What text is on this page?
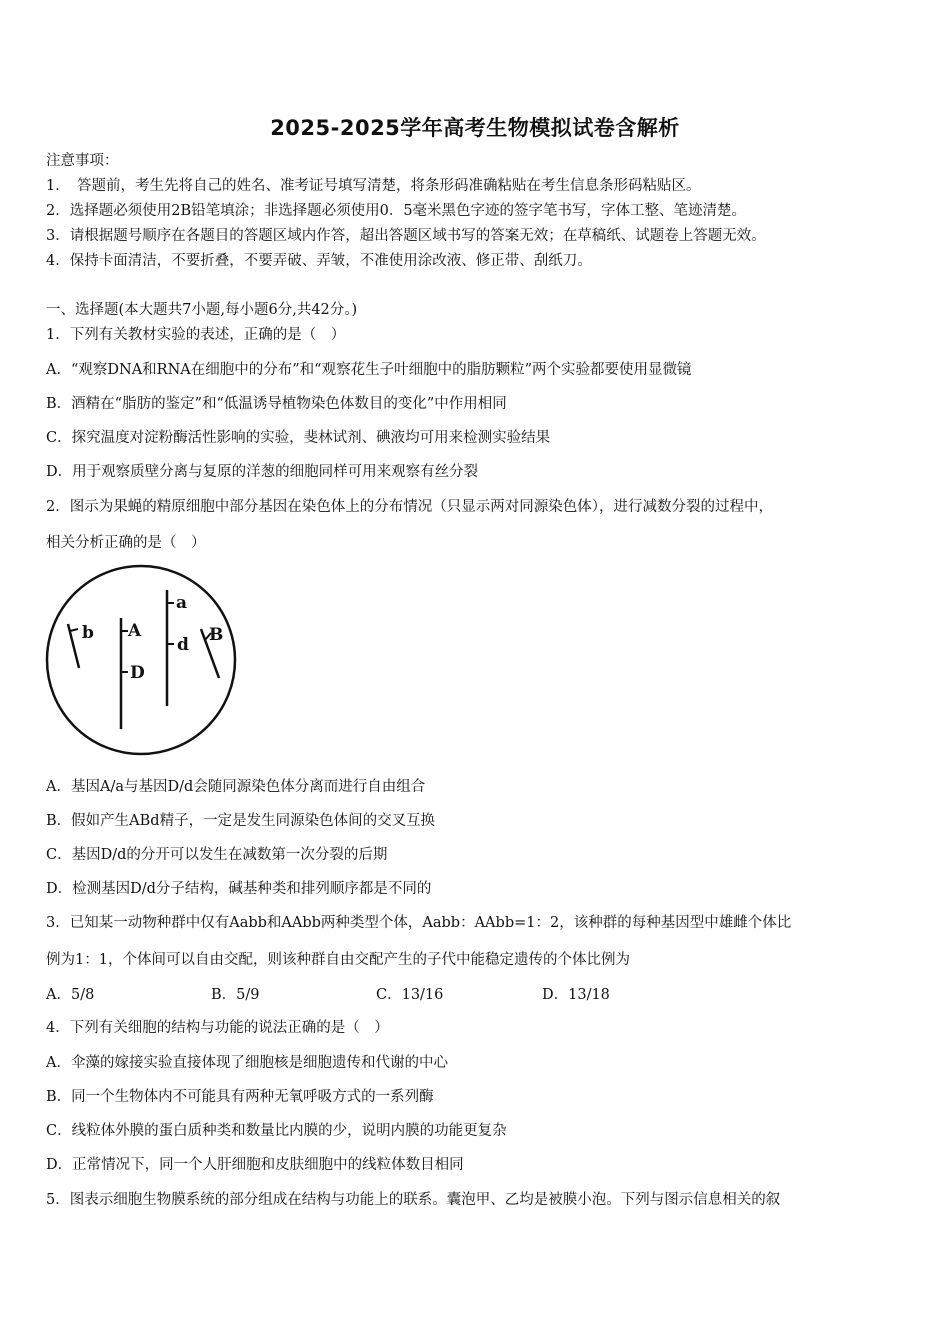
2025-2025学年高考生物模拟试卷含解析
注意事项：
1．　答题前，考生先将自己的姓名、准考证号填写清楚，将条形码准确粘贴在考生信息条形码粘贴区。
2．选择题必须使用2B铅笔填涂；非选择题必须使用0．5毫米黑色字迹的签字笔书写，字体工整、笔迹清楚。
3．请根据题号顺序在各题目的答题区域内作答，超出答题区域书写的答案无效；在草稿纸、试题卷上答题无效。
4．保持卡面清洁，不要折叠，不要弄破、弄皱，不准使用涂改液、修正带、刮纸刀。
一、选择题(本大题共7小题,每小题6分,共42分。)
1．下列有关教材实验的表述，正确的是（　）
A．“观察DNA和RNA在细胞中的分布”和“观察花生子叶细胞中的脂肪颗粒”两个实验都要使用显微镜
B．酒精在“脂肪的鉴定”和“低温诱导植物染色体数目的变化”中作用相同
C．探究温度对淀粉酶活性影响的实验，斐林试剂、碘液均可用来检测实验结果
D．用于观察质壁分离与复原的洋葱的细胞同样可用来观察有丝分裂
2．图示为果蝇的精原细胞中部分基因在染色体上的分布情况（只显示两对同源染色体），进行减数分裂的过程中，
相关分析正确的是（　）
b A
D
a
d B
A．基因A/a与基因D/d会随同源染色体分离而进行自由组合
B．假如产生ABd精子，一定是发生同源染色体间的交叉互换
C．基因D/d的分开可以发生在减数第一次分裂的后期
D．检测基因D/d分子结构，碱基种类和排列顺序都是不同的
3．已知某一动物种群中仅有Aabb和AAbb两种类型个体，Aabb：AAbb=1：2，该种群的每种基因型中雄雌个体比
例为1：1，个体间可以自由交配，则该种群自由交配产生的子代中能稳定遗传的个体比例为
A．5/8	B．5/9	C．13/16	D．13/18
4．下列有关细胞的结构与功能的说法正确的是（　）
A．伞藻的嫁接实验直接体现了细胞核是细胞遗传和代谢的中心
B．同一个生物体内不可能具有两种无氧呼吸方式的一系列酶
C．线粒体外膜的蛋白质种类和数量比内膜的少，说明内膜的功能更复杂
D．正常情况下，同一个人肝细胞和皮肤细胞中的线粒体数目相同
5．图表示细胞生物膜系统的部分组成在结构与功能上的联系。囊泡甲、乙均是被膜小泡。下列与图示信息相关的叙
